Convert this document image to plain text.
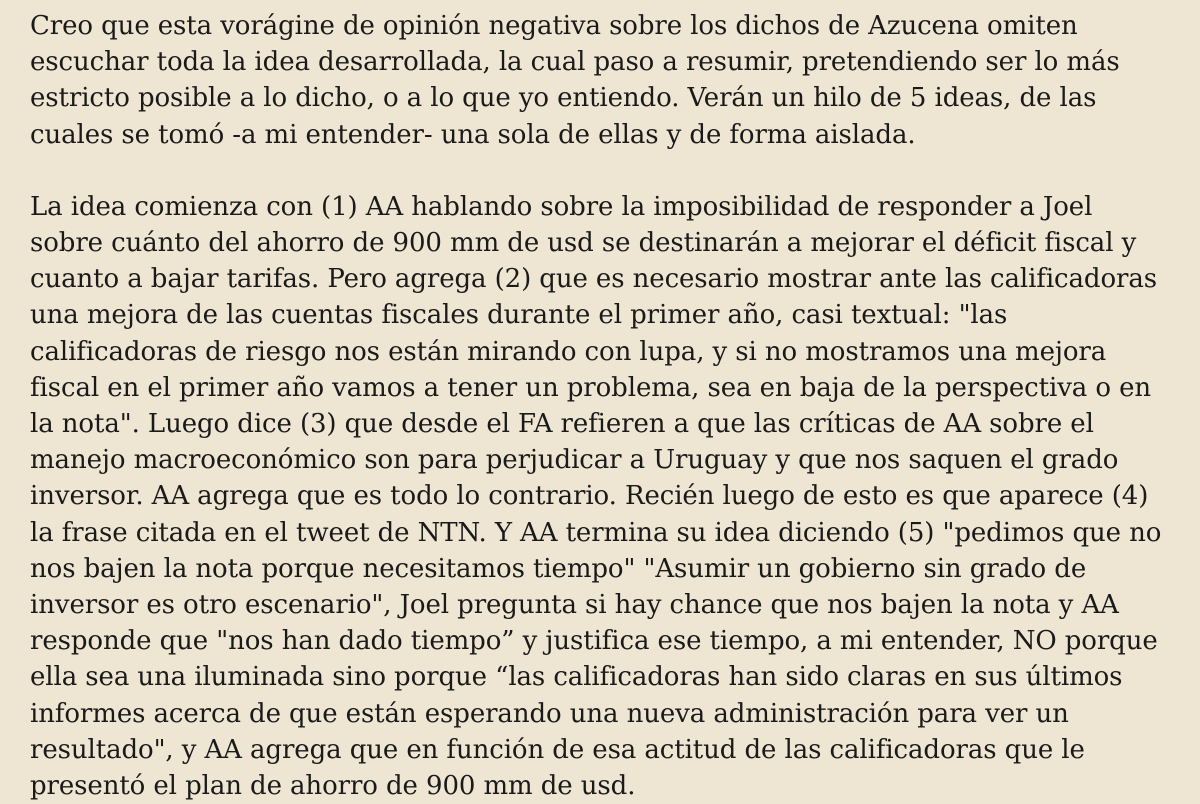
Creo que esta vorágine de opinión negativa sobre los dichos de Azucena omiten escuchar toda la idea desarrollada, la cual paso a resumir, pretendiendo ser lo más estricto posible a lo dicho, o a lo que yo entiendo. Verán un hilo de 5 ideas, de las cuales se tomó -a mi entender- una sola de ellas y de forma aislada.

La idea comienza con (1) AA hablando sobre la imposibilidad de responder a Joel sobre cuánto del ahorro de 900 mm de usd se destinarán a mejorar el déficit fiscal y cuanto a bajar tarifas. Pero agrega (2) que es necesario mostrar ante las calificadoras una mejora de las cuentas fiscales durante el primer año, casi textual: "las calificadoras de riesgo nos están mirando con lupa, y si no mostramos una mejora fiscal en el primer año vamos a tener un problema, sea en baja de la perspectiva o en la nota". Luego dice (3) que desde el FA refieren a que las críticas de AA sobre el manejo macroeconómico son para perjudicar a Uruguay y que nos saquen el grado inversor. AA agrega que es todo lo contrario. Recién luego de esto es que aparece (4) la frase citada en el tweet de NTN. Y AA termina su idea diciendo (5) "pedimos que no nos bajen la nota porque necesitamos tiempo" "Asumir un gobierno sin grado de inversor es otro escenario", Joel pregunta si hay chance que nos bajen la nota y AA responde que "nos han dado tiempo” y justifica ese tiempo, a mi entender, NO porque ella sea una iluminada sino porque “las calificadoras han sido claras en sus últimos informes acerca de que están esperando una nueva administración para ver un resultado", y AA agrega que en función de esa actitud de las calificadoras que le presentó el plan de ahorro de 900 mm de usd.
